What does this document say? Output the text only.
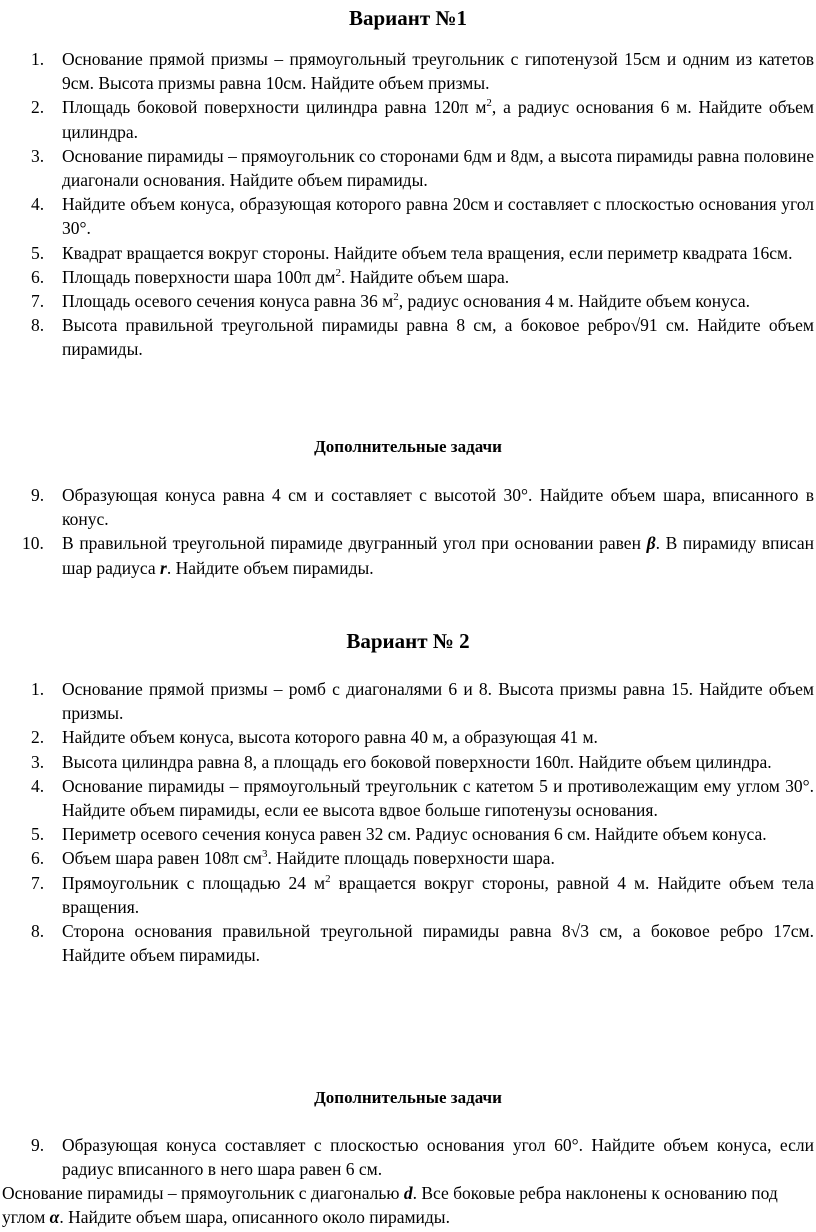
Вариант №1
1. Основание прямой призмы – прямоугольный треугольник с гипотенузой 15см и одним из катетов 9см. Высота призмы равна 10см. Найдите объем призмы.
2. Площадь боковой поверхности цилиндра равна 120π $м^2$, а радиус основания 6 м. Найдите объем цилиндра.
3. Основание пирамиды – прямоугольник со сторонами 6дм и 8дм, а высота пирамиды равна половине диагонали основания. Найдите объем пирамиды.
4. Найдите объем конуса, образующая которого равна 20см и составляет с плоскостью основания угол 30°.
5. Квадрат вращается вокруг стороны. Найдите объем тела вращения, если периметр квадрата 16см.
6. Площадь поверхности шара 100π $дм^2$. Найдите объем шара.
7. Площадь осевого сечения конуса равна 36 $м^2$, радиус основания 4 м. Найдите объем конуса.
8. Высота правильной треугольной пирамиды равна 8 см, а боковое ребро√91 см. Найдите объем пирамиды.
Дополнительные задачи
9. Образующая конуса равна 4 см и составляет с высотой 30°. Найдите объем шара, вписанного в конус.
10. В правильной треугольной пирамиде двугранный угол при основании равен β. В пирамиду вписан шар радиуса r. Найдите объем пирамиды.
Вариант № 2
1. Основание прямой призмы – ромб с диагоналями 6 и 8. Высота призмы равна 15. Найдите объем призмы.
2. Найдите объем конуса, высота которого равна 40 м, а образующая 41 м.
3. Высота цилиндра равна 8, а площадь его боковой поверхности 160π. Найдите объем цилиндра.
4. Основание пирамиды – прямоугольный треугольник с катетом 5 и противолежащим ему углом 30°. Найдите объем пирамиды, если ее высота вдвое больше гипотенузы основания.
5. Периметр осевого сечения конуса равен 32 см. Радиус основания 6 см. Найдите объем конуса.
6. Объем шара равен 108π $см^3$. Найдите площадь поверхности шара.
7. Прямоугольник с площадью 24 $м^2$ вращается вокруг стороны, равной 4 м. Найдите объем тела вращения.
8. Сторона основания правильной треугольной пирамиды равна 8√3 см, а боковое ребро 17см. Найдите объем пирамиды.
Дополнительные задачи
9. Образующая конуса составляет с плоскостью основания угол 60°. Найдите объем конуса, если радиус вписанного в него шара равен 6 см.
Основание пирамиды – прямоугольник с диагональю d. Все боковые ребра наклонены к основанию под углом α. Найдите объем шара, описанного около пирамиды.
